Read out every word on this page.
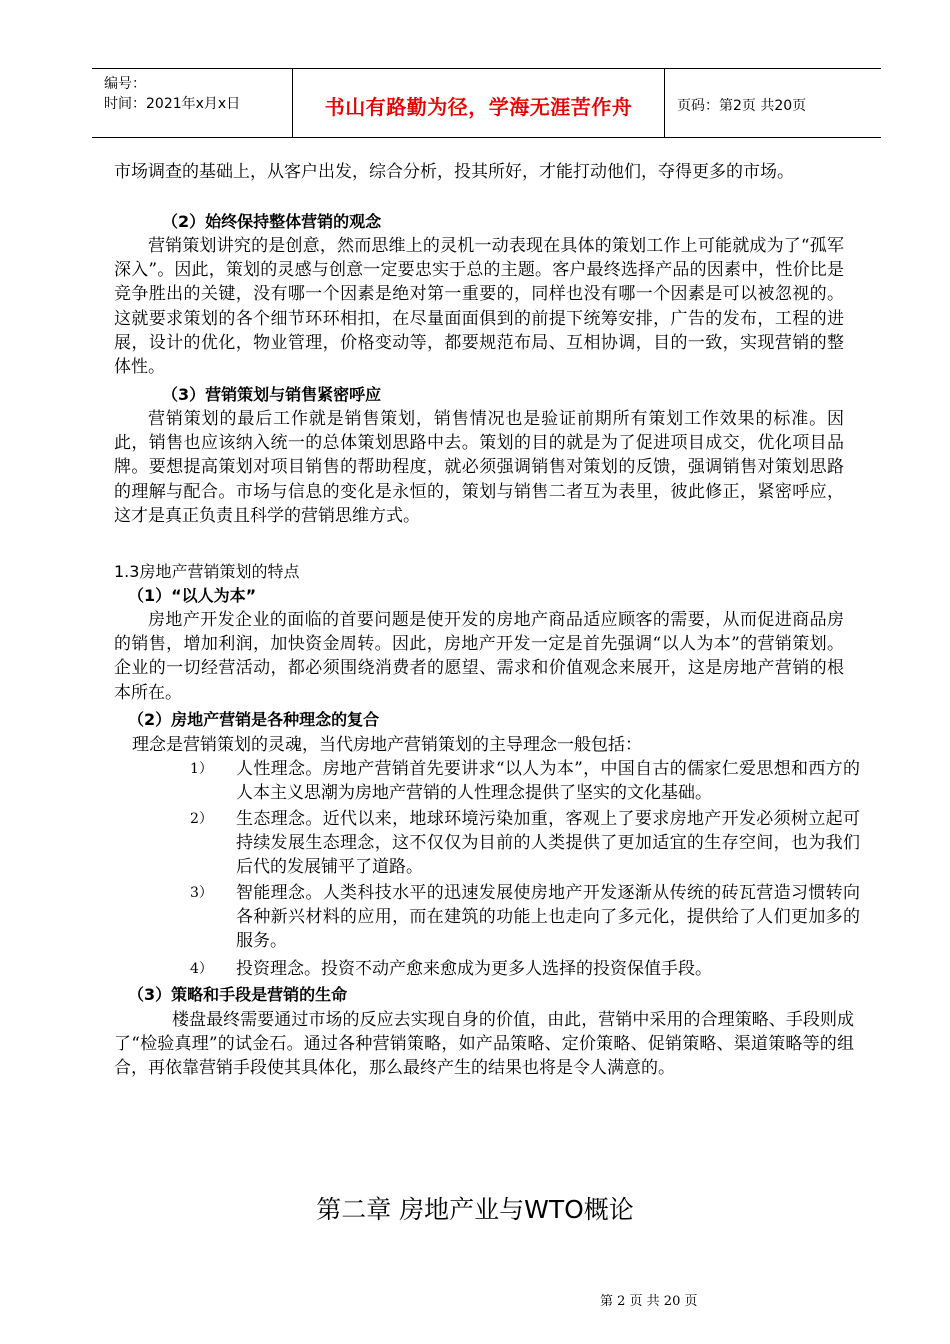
编号：
时间：2021年x月x日	书山有路勤为径，学海无涯苦作舟	页码：第2页 共20页
市场调查的基础上，从客户出发，综合分析，投其所好，才能打动他们，夺得更多的市场。
（2）始终保持整体营销的观念
营销策划讲究的是创意，然而思维上的灵机一动表现在具体的策划工作上可能就成为了“孤军深入”。因此，策划的灵感与创意一定要忠实于总的主题。客户最终选择产品的因素中，性价比是竞争胜出的关键，没有哪一个因素是绝对第一重要的，同样也没有哪一个因素是可以被忽视的。这就要求策划的各个细节环环相扣，在尽量面面俱到的前提下统筹安排，广告的发布，工程的进展，设计的优化，物业管理，价格变动等，都要规范布局、互相协调，目的一致，实现营销的整体性。
（3）营销策划与销售紧密呼应
营销策划的最后工作就是销售策划，销售情况也是验证前期所有策划工作效果的标准。因此，销售也应该纳入统一的总体策划思路中去。策划的目的就是为了促进项目成交，优化项目品牌。要想提高策划对项目销售的帮助程度，就必须强调销售对策划的反馈，强调销售对策划思路的理解与配合。市场与信息的变化是永恒的，策划与销售二者互为表里，彼此修正，紧密呼应，这才是真正负责且科学的营销思维方式。
1.3房地产营销策划的特点
（1）“以人为本”
房地产开发企业的面临的首要问题是使开发的房地产商品适应顾客的需要，从而促进商品房的销售，增加利润，加快资金周转。因此，房地产开发一定是首先强调“以人为本”的营销策划。企业的一切经营活动，都必须围绕消费者的愿望、需求和价值观念来展开，这是房地产营销的根本所在。
（2）房地产营销是各种理念的复合
理念是营销策划的灵魂，当代房地产营销策划的主导理念一般包括：
1）	人性理念。房地产营销首先要讲求“以人为本”，中国自古的儒家仁爱思想和西方的人本主义思潮为房地产营销的人性理念提供了坚实的文化基础。
2）	生态理念。近代以来，地球环境污染加重，客观上了要求房地产开发必须树立起可持续发展生态理念，这不仅仅为目前的人类提供了更加适宜的生存空间，也为我们后代的发展铺平了道路。
3）	智能理念。人类科技水平的迅速发展使房地产开发逐渐从传统的砖瓦营造习惯转向各种新兴材料的应用，而在建筑的功能上也走向了多元化，提供给了人们更加多的服务。
4）	投资理念。投资不动产愈来愈成为更多人选择的投资保值手段。
（3）策略和手段是营销的生命
楼盘最终需要通过市场的反应去实现自身的价值，由此，营销中采用的合理策略、手段则成了“检验真理”的试金石。通过各种营销策略，如产品策略、定价策略、促销策略、渠道策略等的组合，再依靠营销手段使其具体化，那么最终产生的结果也将是令人满意的。
第二章 房地产业与WTO概论
第 2 页 共 20 页
